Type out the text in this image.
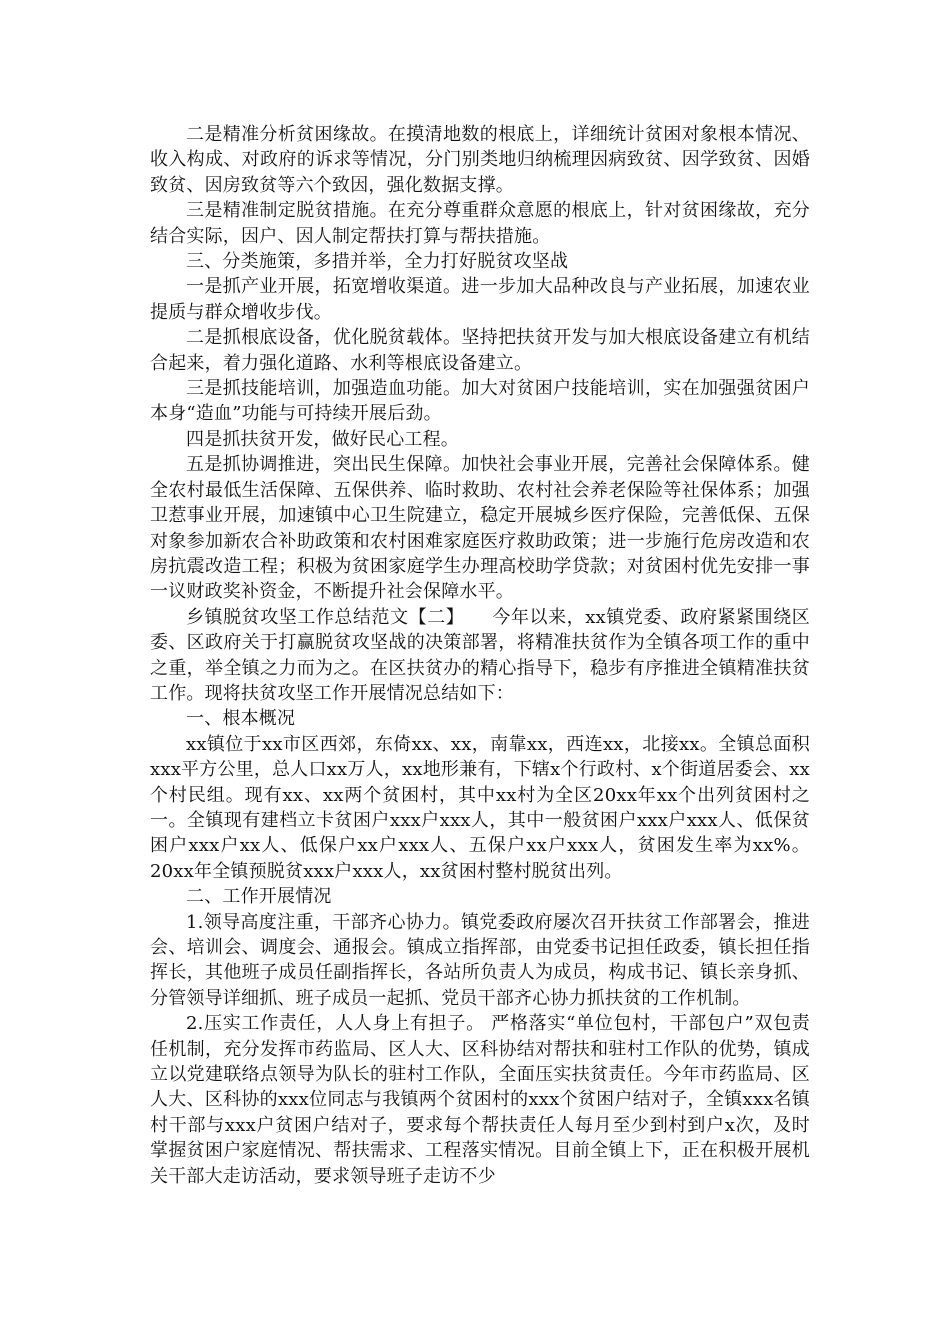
二是精准分析贫困缘故。在摸清地数的根底上，详细统计贫困对象根本情况、收入构成、对政府的诉求等情况，分门别类地归纳梳理因病致贫、因学致贫、因婚致贫、因房致贫等六个致因，强化数据支撑。

三是精准制定脱贫措施。在充分尊重群众意愿的根底上，针对贫困缘故，充分结合实际，因户、因人制定帮扶打算与帮扶措施。

三、分类施策，多措并举，全力打好脱贫攻坚战

一是抓产业开展，拓宽增收渠道。进一步加大品种改良与产业拓展，加速农业提质与群众增收步伐。

二是抓根底设备，优化脱贫载体。坚持把扶贫开发与加大根底设备建立有机结合起来，着力强化道路、水利等根底设备建立。

三是抓技能培训，加强造血功能。加大对贫困户技能培训，实在加强强贫困户本身“造血”功能与可持续开展后劲。

四是抓扶贫开发，做好民心工程。

五是抓协调推进，突出民生保障。加快社会事业开展，完善社会保障体系。健全农村最低生活保障、五保供养、临时救助、农村社会养老保险等社保体系；加强卫惹事业开展，加速镇中心卫生院建立，稳定开展城乡医疗保险，完善低保、五保对象参加新农合补助政策和农村困难家庭医疗救助政策；进一步施行危房改造和农房抗震改造工程；积极为贫困家庭学生办理高校助学贷款；对贫困村优先安排一事一议财政奖补资金，不断提升社会保障水平。

乡镇脱贫攻坚工作总结范文【二】　　今年以来，xx镇党委、政府紧紧围绕区委、区政府关于打赢脱贫攻坚战的决策部署，将精准扶贫作为全镇各项工作的重中之重，举全镇之力而为之。在区扶贫办的精心指导下，稳步有序推进全镇精准扶贫工作。现将扶贫攻坚工作开展情况总结如下：

一、根本概况

xx镇位于xx市区西郊，东倚xx、xx，南靠xx，西连xx，北接xx。全镇总面积xxx平方公里，总人口xx万人，xx地形兼有，下辖x个行政村、x个街道居委会、xx个村民组。现有xx、xx两个贫困村，其中xx村为全区20xx年xx个出列贫困村之一。全镇现有建档立卡贫困户xxx户xxx人，其中一般贫困户xxx户xxx人、低保贫困户xxx户xx人、低保户xx户xxx人、五保户xx户xxx人，贫困发生率为xx%。20xx年全镇预脱贫xxx户xxx人，xx贫困村整村脱贫出列。

二、工作开展情况

1.领导高度注重，干部齐心协力。镇党委政府屡次召开扶贫工作部署会，推进会、培训会、调度会、通报会。镇成立指挥部，由党委书记担任政委，镇长担任指挥长，其他班子成员任副指挥长，各站所负责人为成员，构成书记、镇长亲身抓、分管领导详细抓、班子成员一起抓、党员干部齐心协力抓扶贫的工作机制。

2.压实工作责任，人人身上有担子。 严格落实“单位包村，干部包户”双包责任机制，充分发挥市药监局、区人大、区科协结对帮扶和驻村工作队的优势，镇成立以党建联络点领导为队长的驻村工作队，全面压实扶贫责任。今年市药监局、区人大、区科协的xxx位同志与我镇两个贫困村的xxx个贫困户结对子，全镇xxx名镇村干部与xxx户贫困户结对子，要求每个帮扶责任人每月至少到村到户x次，及时掌握贫困户家庭情况、帮扶需求、工程落实情况。目前全镇上下，正在积极开展机关干部大走访活动，要求领导班子走访不少
